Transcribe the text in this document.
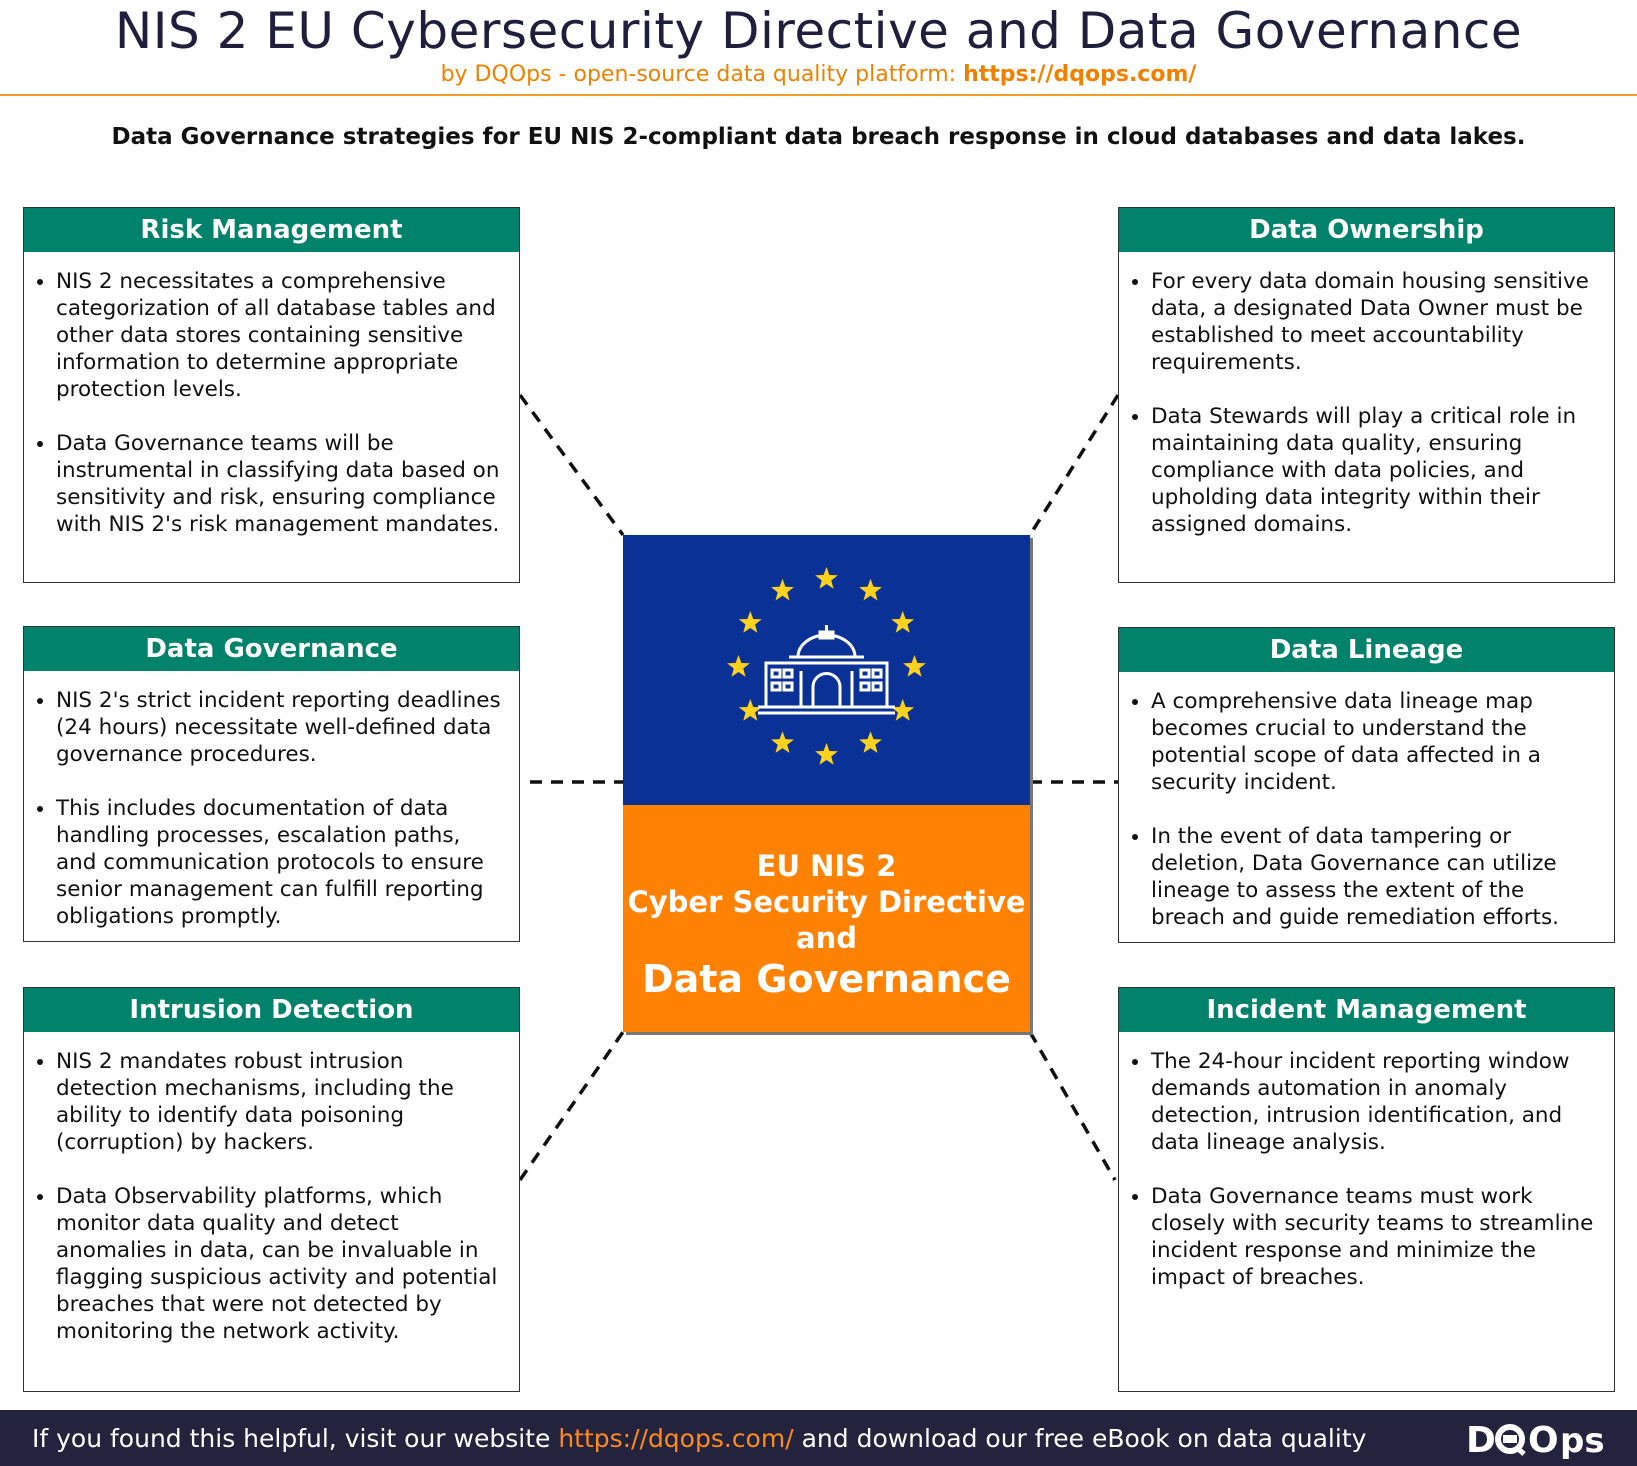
NIS 2 EU Cybersecurity Directive and Data Governance
by DQOps - open-source data quality platform: https://dqops.com/
Data Governance strategies for EU NIS 2-compliant data breach response in cloud databases and data lakes.
Risk Management
• NIS 2 necessitates a comprehensive categorization of all database tables and other data stores containing sensitive information to determine appropriate protection levels.
• Data Governance teams will be instrumental in classifying data based on sensitivity and risk, ensuring compliance with NIS 2's risk management mandates.
Data Governance
• NIS 2's strict incident reporting deadlines (24 hours) necessitate well-defined data governance procedures.
• This includes documentation of data handling processes, escalation paths, and communication protocols to ensure senior management can fulfill reporting obligations promptly.
Intrusion Detection
• NIS 2 mandates robust intrusion detection mechanisms, including the ability to identify data poisoning (corruption) by hackers.
• Data Observability platforms, which monitor data quality and detect anomalies in data, can be invaluable in flagging suspicious activity and potential breaches that were not detected by monitoring the network activity.
Data Ownership
• For every data domain housing sensitive data, a designated Data Owner must be established to meet accountability requirements.
• Data Stewards will play a critical role in maintaining data quality, ensuring compliance with data policies, and upholding data integrity within their assigned domains.
Data Lineage
• A comprehensive data lineage map becomes crucial to understand the potential scope of data affected in a security incident.
• In the event of data tampering or deletion, Data Governance can utilize lineage to assess the extent of the breach and guide remediation efforts.
Incident Management
• The 24-hour incident reporting window demands automation in anomaly detection, intrusion identification, and data lineage analysis.
• Data Governance teams must work closely with security teams to streamline incident response and minimize the impact of breaches.
EU NIS 2
Cyber Security Directive
and
Data Governance
If you found this helpful, visit our website https://dqops.com/ and download our free eBook on data quality	D O ps
